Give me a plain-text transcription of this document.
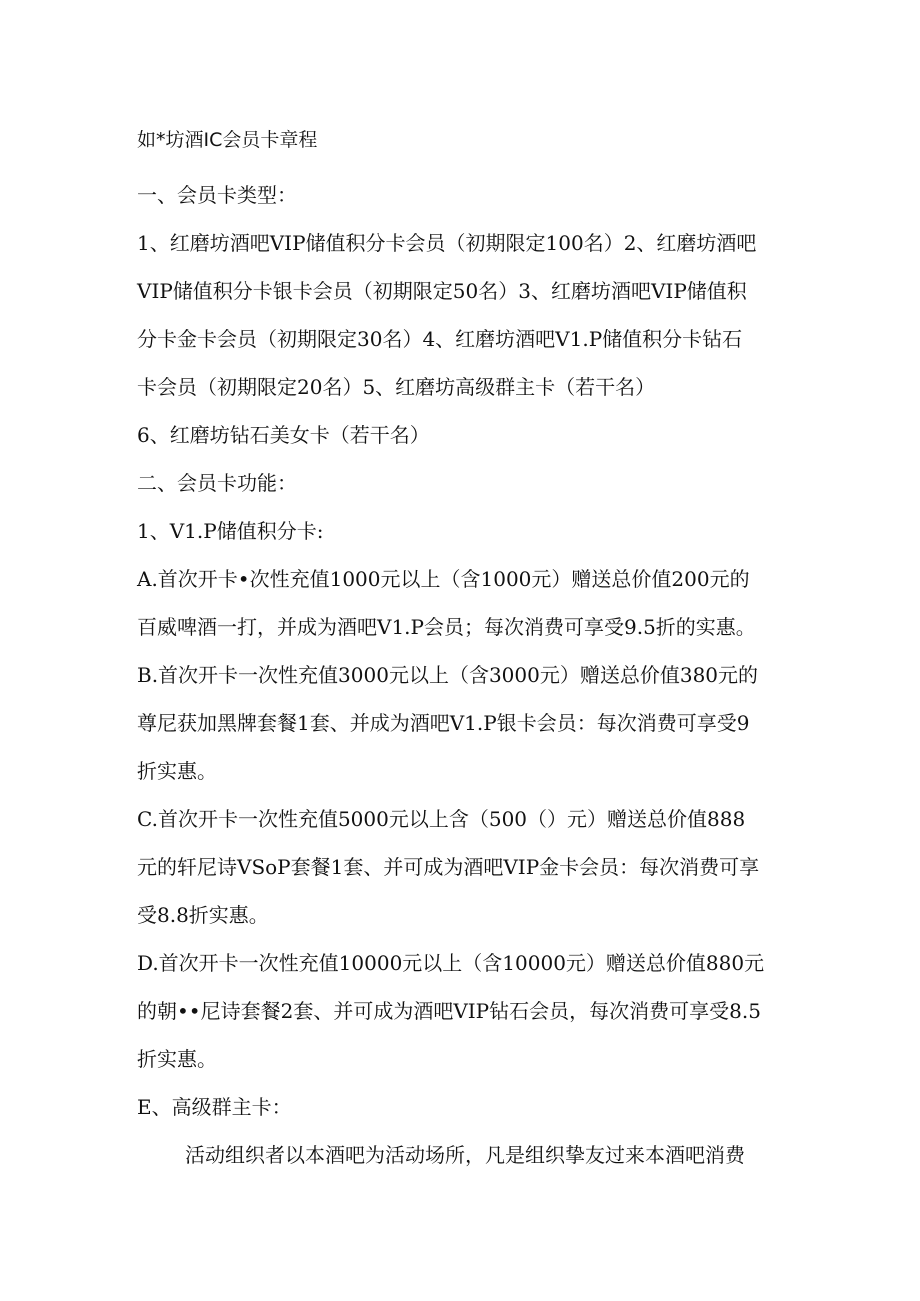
如*坊酒IC会员卡章程
一、会员卡类型：
1、红磨坊酒吧VIP储值积分卡会员（初期限定100名）2、红磨坊酒吧
VIP储值积分卡银卡会员（初期限定50名）3、红磨坊酒吧VIP储值积
分卡金卡会员（初期限定30名）4、红磨坊酒吧V1.P储值积分卡钻石
卡会员（初期限定20名）5、红磨坊高级群主卡（若干名）
6、红磨坊钻石美女卡（若干名）
二、会员卡功能：
1、V1.P储值积分卡:
A.首次开卡•次性充值1000元以上（含1000元）赠送总价值200元的
百威啤酒一打，并成为酒吧V1.P会员；每次消费可享受9.5折的实惠。
B.首次开卡一次性充值3000元以上（含3000元）赠送总价值380元的
尊尼获加黑牌套餐1套、并成为酒吧V1.P银卡会员：每次消费可享受9
折实惠。
C.首次开卡一次性充值5000元以上含（500（）元）赠送总价值888
元的轩尼诗VSoP套餐1套、并可成为酒吧VIP金卡会员：每次消费可享
受8.8折实惠。
D.首次开卡一次性充值10000元以上（含10000元）赠送总价值880元
的朝••尼诗套餐2套、并可成为酒吧VIP钻石会员，每次消费可享受8.5
折实惠。
E、高级群主卡：
活动组织者以本酒吧为活动场所，凡是组织挚友过来本酒吧消费
